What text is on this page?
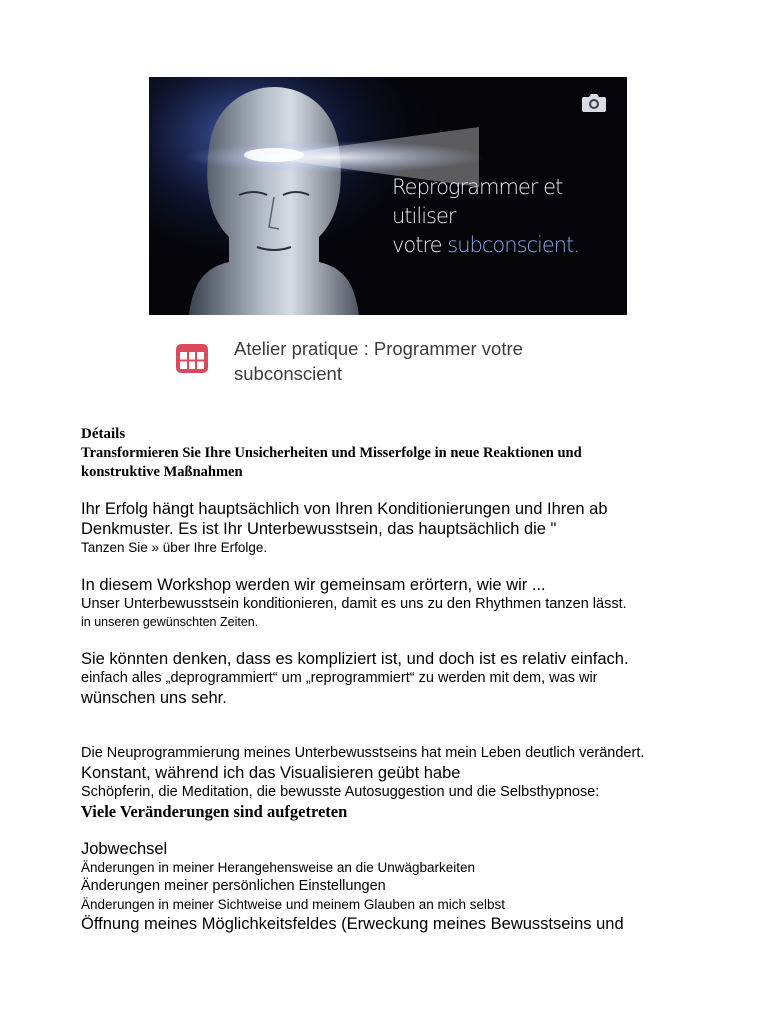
Reprogrammer et utiliser
votre subconscient.
Atelier pratique : Programmer votre
subconscient

Détails

Transformieren Sie Ihre Unsicherheiten und Misserfolge in neue Reaktionen und

konstruktive Maßnahmen

Ihr Erfolg hängt hauptsächlich von Ihren Konditionierungen und Ihren ab

Denkmuster. Es ist Ihr Unterbewusstsein, das hauptsächlich die "

Tanzen Sie » über Ihre Erfolge.

In diesem Workshop werden wir gemeinsam erörtern, wie wir ...

Unser Unterbewusstsein konditionieren, damit es uns zu den Rhythmen tanzen lässt.

in unseren gewünschten Zeiten.

Sie könnten denken, dass es kompliziert ist, und doch ist es relativ einfach.

einfach alles „deprogrammiert“ um „reprogrammiert“ zu werden mit dem, was wir

wünschen uns sehr.

Die Neuprogrammierung meines Unterbewusstseins hat mein Leben deutlich verändert.

Konstant, während ich das Visualisieren geübt habe

Schöpferin, die Meditation, die bewusste Autosuggestion und die Selbsthypnose:

Viele Veränderungen sind aufgetreten

Jobwechsel

Änderungen in meiner Herangehensweise an die Unwägbarkeiten

Änderungen meiner persönlichen Einstellungen

Änderungen in meiner Sichtweise und meinem Glauben an mich selbst

Öffnung meines Möglichkeitsfeldes (Erweckung meines Bewusstseins und
